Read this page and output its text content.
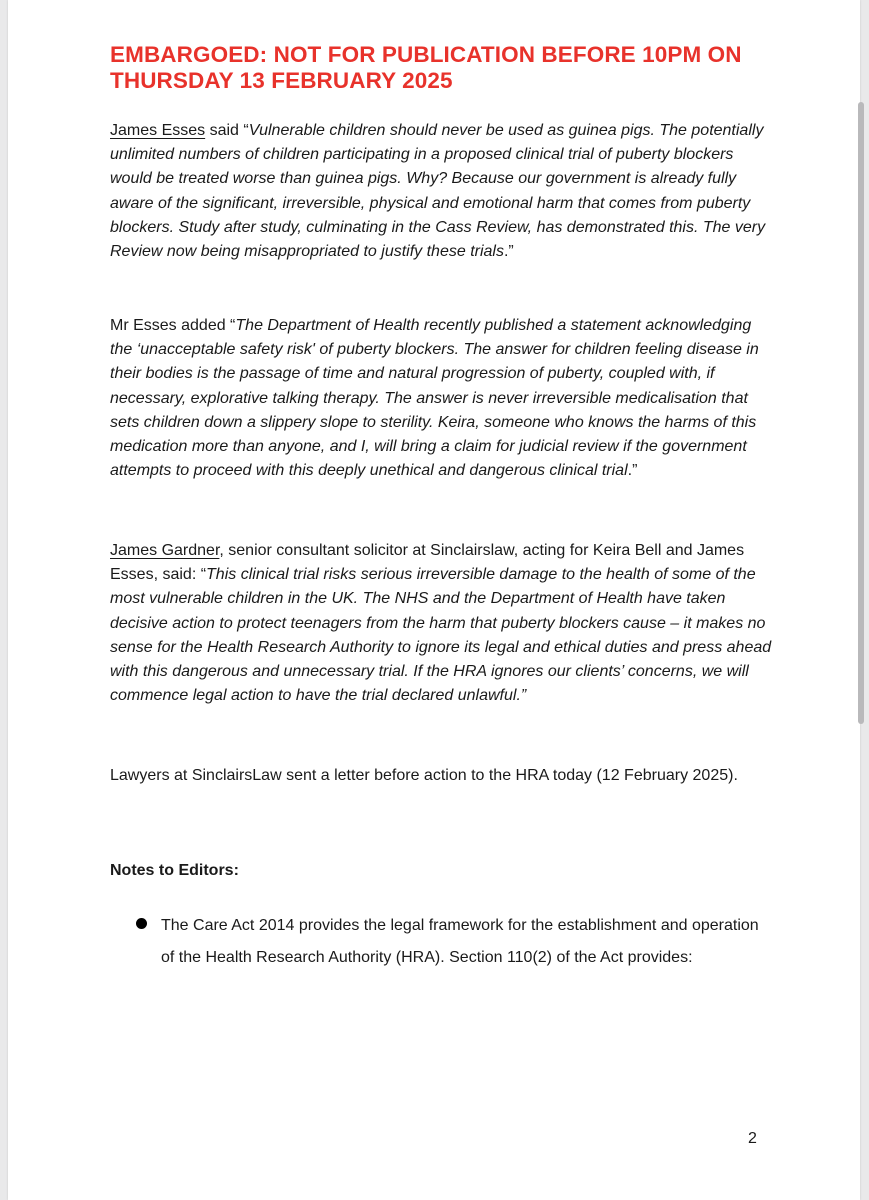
EMBARGOED: NOT FOR PUBLICATION BEFORE 10PM ON THURSDAY 13 FEBRUARY 2025

James Esses said “Vulnerable children should never be used as guinea pigs. The potentially unlimited numbers of children participating in a proposed clinical trial of puberty blockers would be treated worse than guinea pigs. Why? Because our government is already fully aware of the significant, irreversible, physical and emotional harm that comes from puberty blockers. Study after study, culminating in the Cass Review, has demonstrated this. The very Review now being misappropriated to justify these trials.”

Mr Esses added “The Department of Health recently published a statement acknowledging the ‘unacceptable safety risk' of puberty blockers. The answer for children feeling disease in their bodies is the passage of time and natural progression of puberty, coupled with, if necessary, explorative talking therapy. The answer is never irreversible medicalisation that sets children down a slippery slope to sterility. Keira, someone who knows the harms of this medication more than anyone, and I, will bring a claim for judicial review if the government attempts to proceed with this deeply unethical and dangerous clinical trial.”

James Gardner, senior consultant solicitor at Sinclairslaw, acting for Keira Bell and James Esses, said: “This clinical trial risks serious irreversible damage to the health of some of the most vulnerable children in the UK. The NHS and the Department of Health have taken decisive action to protect teenagers from the harm that puberty blockers cause – it makes no sense for the Health Research Authority to ignore its legal and ethical duties and press ahead with this dangerous and unnecessary trial. If the HRA ignores our clients’ concerns, we will commence legal action to have the trial declared unlawful.”

Lawyers at SinclairsLaw sent a letter before action to the HRA today (12 February 2025).

Notes to Editors:

The Care Act 2014 provides the legal framework for the establishment and operation of the Health Research Authority (HRA). Section 110(2) of the Act provides:

2
